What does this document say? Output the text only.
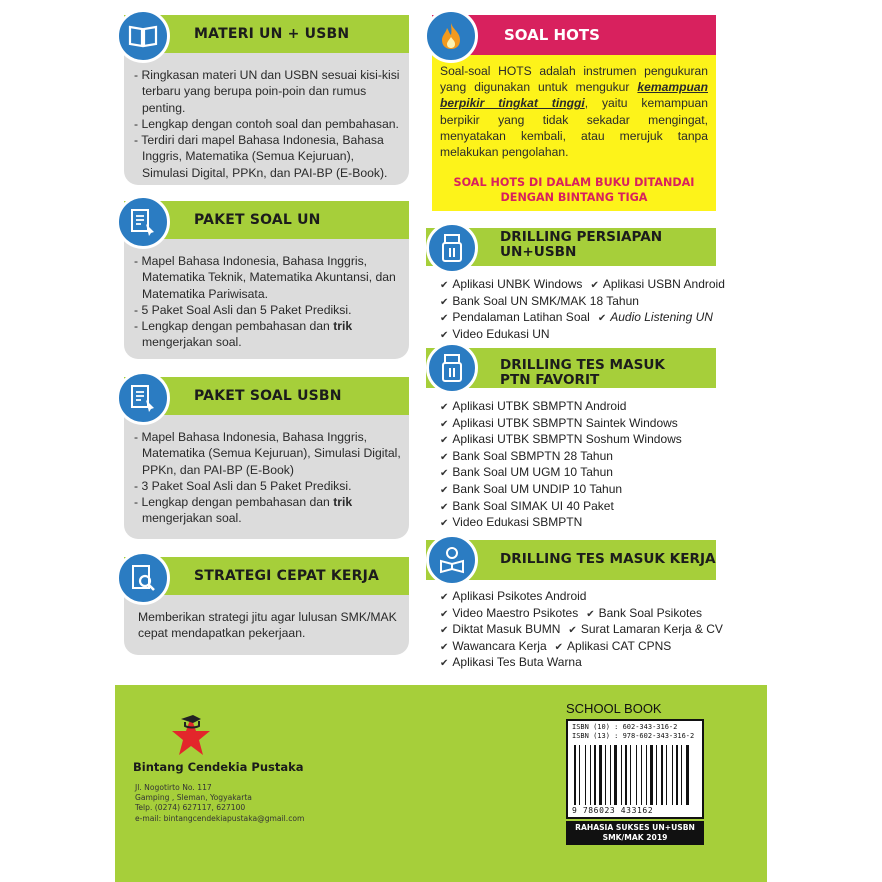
MATERI UN + USBN

- Ringkasan materi UN dan USBN sesuai kisi-kisi terbaru yang berupa poin-poin dan rumus penting.

- Lengkap dengan contoh soal dan pembahasan.

- Terdiri dari mapel Bahasa Indonesia, Bahasa Inggris, Matematika (Semua Kejuruan), Simulasi Digital, PPKn, dan PAI-BP (E-Book).

PAKET SOAL UN

- Mapel Bahasa Indonesia, Bahasa Inggris, Matematika Teknik, Matematika Akuntansi, dan Matematika Pariwisata.

- 5 Paket Soal Asli dan 5 Paket Prediksi.

- Lengkap dengan pembahasan dan trik mengerjakan soal.

PAKET SOAL USBN

- Mapel Bahasa Indonesia, Bahasa Inggris, Matematika (Semua Kejuruan), Simulasi Digital, PPKn, dan PAI-BP (E-Book)

- 3 Paket Soal Asli dan 5 Paket Prediksi.

- Lengkap dengan pembahasan dan trik mengerjakan soal.

STRATEGI CEPAT KERJA
Memberikan strategi jitu agar lulusan SMK/MAK cepat mendapatkan pekerjaan.
SOAL HOTS
Soal-soal HOTS adalah instrumen pengukuran yang digunakan untuk mengukur kemampuan berpikir tingkat tinggi, yaitu kemampuan berpikir yang tidak sekadar mengingat, menyatakan kembali, atau merujuk tanpa melakukan pengolahan.
SOAL HOTS DI DALAM BUKU DITANDAI
DENGAN BINTANG TIGA
DRILLING PERSIAPAN
UN+USBN
✔ Aplikasi UNBK Windows ✔ Aplikasi USBN Android
✔ Bank Soal UN SMK/MAK 18 Tahun
✔ Pendalaman Latihan Soal ✔ Audio Listening UN
✔ Video Edukasi UN
DRILLING TES MASUK
PTN FAVORIT
✔ Aplikasi UTBK SBMPTN Android
✔ Aplikasi UTBK SBMPTN Saintek Windows
✔ Aplikasi UTBK SBMPTN Soshum Windows
✔ Bank Soal SBMPTN 28 Tahun
✔ Bank Soal UM UGM 10 Tahun
✔ Bank Soal UM UNDIP 10 Tahun
✔ Bank Soal SIMAK UI 40 Paket
✔ Video Edukasi SBMPTN
DRILLING TES MASUK KERJA
✔ Aplikasi Psikotes Android
✔ Video Maestro Psikotes ✔ Bank Soal Psikotes
✔ Diktat Masuk BUMN ✔ Surat Lamaran Kerja & CV
✔ Wawancara Kerja ✔ Aplikasi CAT CPNS
✔ Aplikasi Tes Buta Warna
Bintang Cendekia Pustaka
Jl. Nogotirto No. 117
Gamping , Sleman, Yogyakarta
Telp. (0274) 627117, 627100
e-mail: bintangcendekiapustaka@gmail.com
SCHOOL BOOK
ISBN (10) : 602-343-316-2
ISBN (13) : 978-602-343-316-2
9 786023 433162
RAHASIA SUKSES UN+USBN
SMK/MAK 2019
